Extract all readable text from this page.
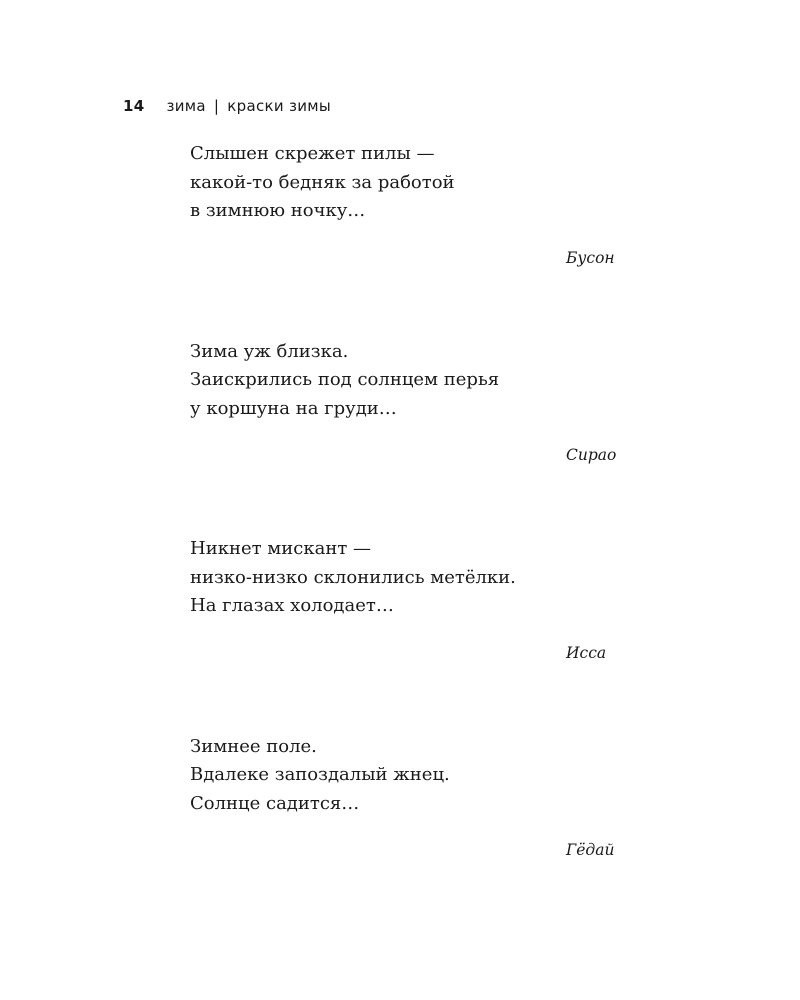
14 зима | краски зимы
Слышен скрежет пилы —
какой-то бедняк за работой
в зимнюю ночку…
Бусон
Зима уж близка.
Заискрились под солнцем перья
у коршуна на груди…
Сирао
Никнет мискант —
низко-низко склонились метёлки.
На глазах холодает…
Исса
Зимнее поле.
Вдалеке запоздалый жнец.
Солнце садится…
Гёдай
